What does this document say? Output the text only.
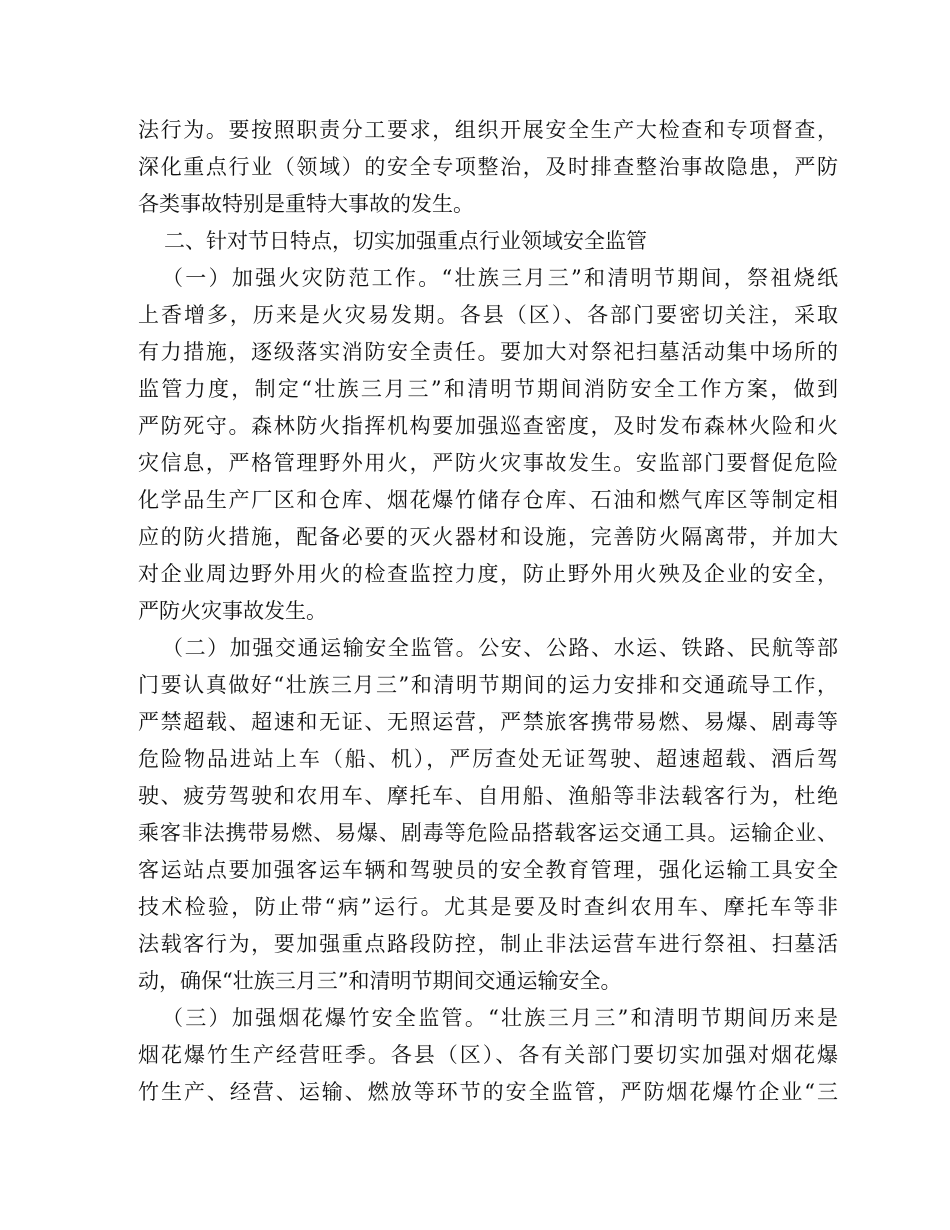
法行为。要按照职责分工要求，组织开展安全生产大检查和专项督查，
深化重点行业（领域）的安全专项整治，及时排查整治事故隐患，严防
各类事故特别是重特大事故的发生。
二、针对节日特点，切实加强重点行业领域安全监管
（一）加强火灾防范工作。“壮族三月三”和清明节期间，祭祖烧纸
上香增多，历来是火灾易发期。各县（区）、各部门要密切关注，采取
有力措施，逐级落实消防安全责任。要加大对祭祀扫墓活动集中场所的
监管力度，制定“壮族三月三”和清明节期间消防安全工作方案，做到
严防死守。森林防火指挥机构要加强巡查密度，及时发布森林火险和火
灾信息，严格管理野外用火，严防火灾事故发生。安监部门要督促危险
化学品生产厂区和仓库、烟花爆竹储存仓库、石油和燃气库区等制定相
应的防火措施，配备必要的灭火器材和设施，完善防火隔离带，并加大
对企业周边野外用火的检查监控力度，防止野外用火殃及企业的安全，
严防火灾事故发生。
（二）加强交通运输安全监管。公安、公路、水运、铁路、民航等部
门要认真做好“壮族三月三”和清明节期间的运力安排和交通疏导工作，
严禁超载、超速和无证、无照运营，严禁旅客携带易燃、易爆、剧毒等
危险物品进站上车（船、机），严厉查处无证驾驶、超速超载、酒后驾
驶、疲劳驾驶和农用车、摩托车、自用船、渔船等非法载客行为，杜绝
乘客非法携带易燃、易爆、剧毒等危险品搭载客运交通工具。运输企业、
客运站点要加强客运车辆和驾驶员的安全教育管理，强化运输工具安全
技术检验，防止带“病”运行。尤其是要及时查纠农用车、摩托车等非
法载客行为，要加强重点路段防控，制止非法运营车进行祭祖、扫墓活
动，确保“壮族三月三”和清明节期间交通运输安全。
（三）加强烟花爆竹安全监管。“壮族三月三”和清明节期间历来是
烟花爆竹生产经营旺季。各县（区）、各有关部门要切实加强对烟花爆
竹生产、经营、运输、燃放等环节的安全监管，严防烟花爆竹企业“三
